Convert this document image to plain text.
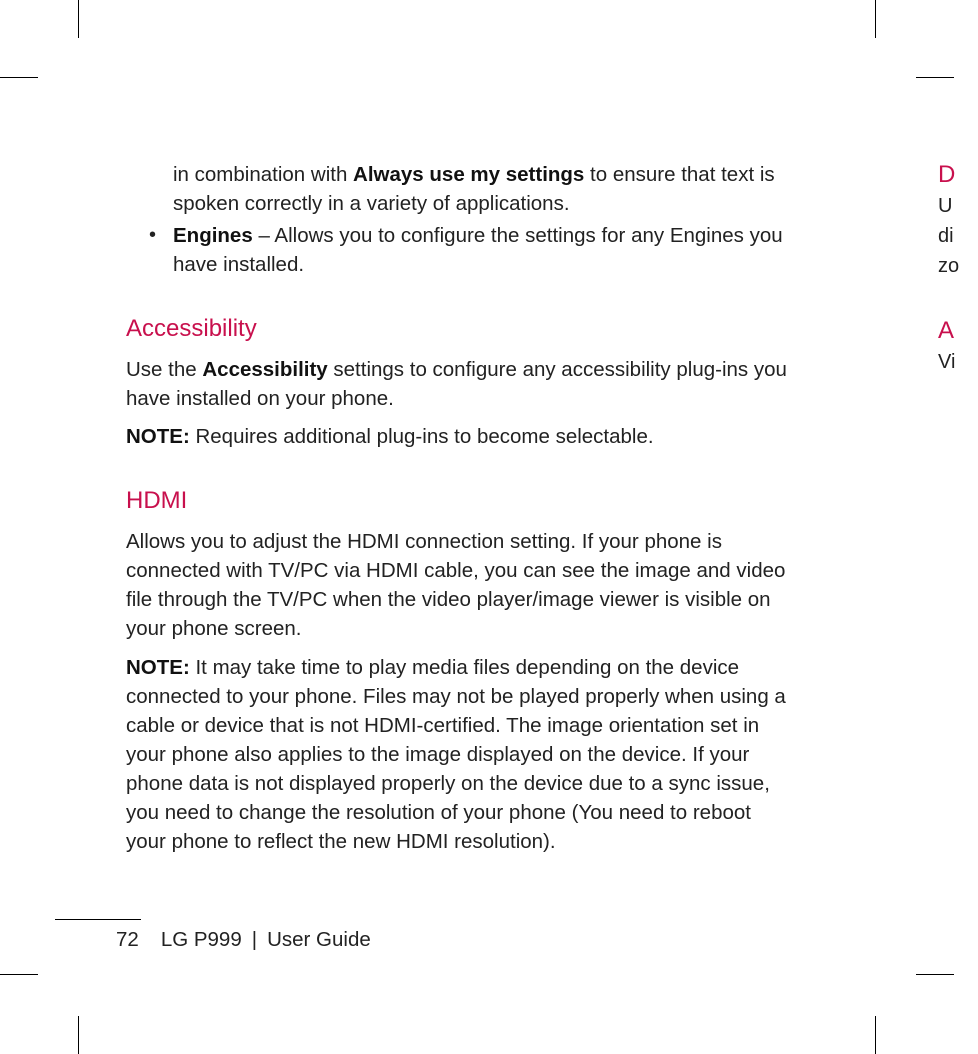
in combination with Always use my settings to ensure that text is spoken correctly in a variety of applications.

• Engines – Allows you to configure the settings for any Engines you have installed.

Accessibility

Use the Accessibility settings to configure any accessibility plug-ins you have installed on your phone.

NOTE: Requires additional plug-ins to become selectable.

HDMI

Allows you to adjust the HDMI connection setting. If your phone is connected with TV/PC via HDMI cable, you can see the image and video file through the TV/PC when the video player/image viewer is visible on your phone screen.

NOTE: It may take time to play media files depending on the device connected to your phone. Files may not be played properly when using a cable or device that is not HDMI-certified. The image orientation set in your phone also applies to the image displayed on the device. If your phone data is not displayed properly on the device due to a sync issue, you need to change the resolution of your phone (You need to reboot your phone to reflect the new HDMI resolution).

D
U
di
zo
A
Vi
72 LG P999 | User Guide
